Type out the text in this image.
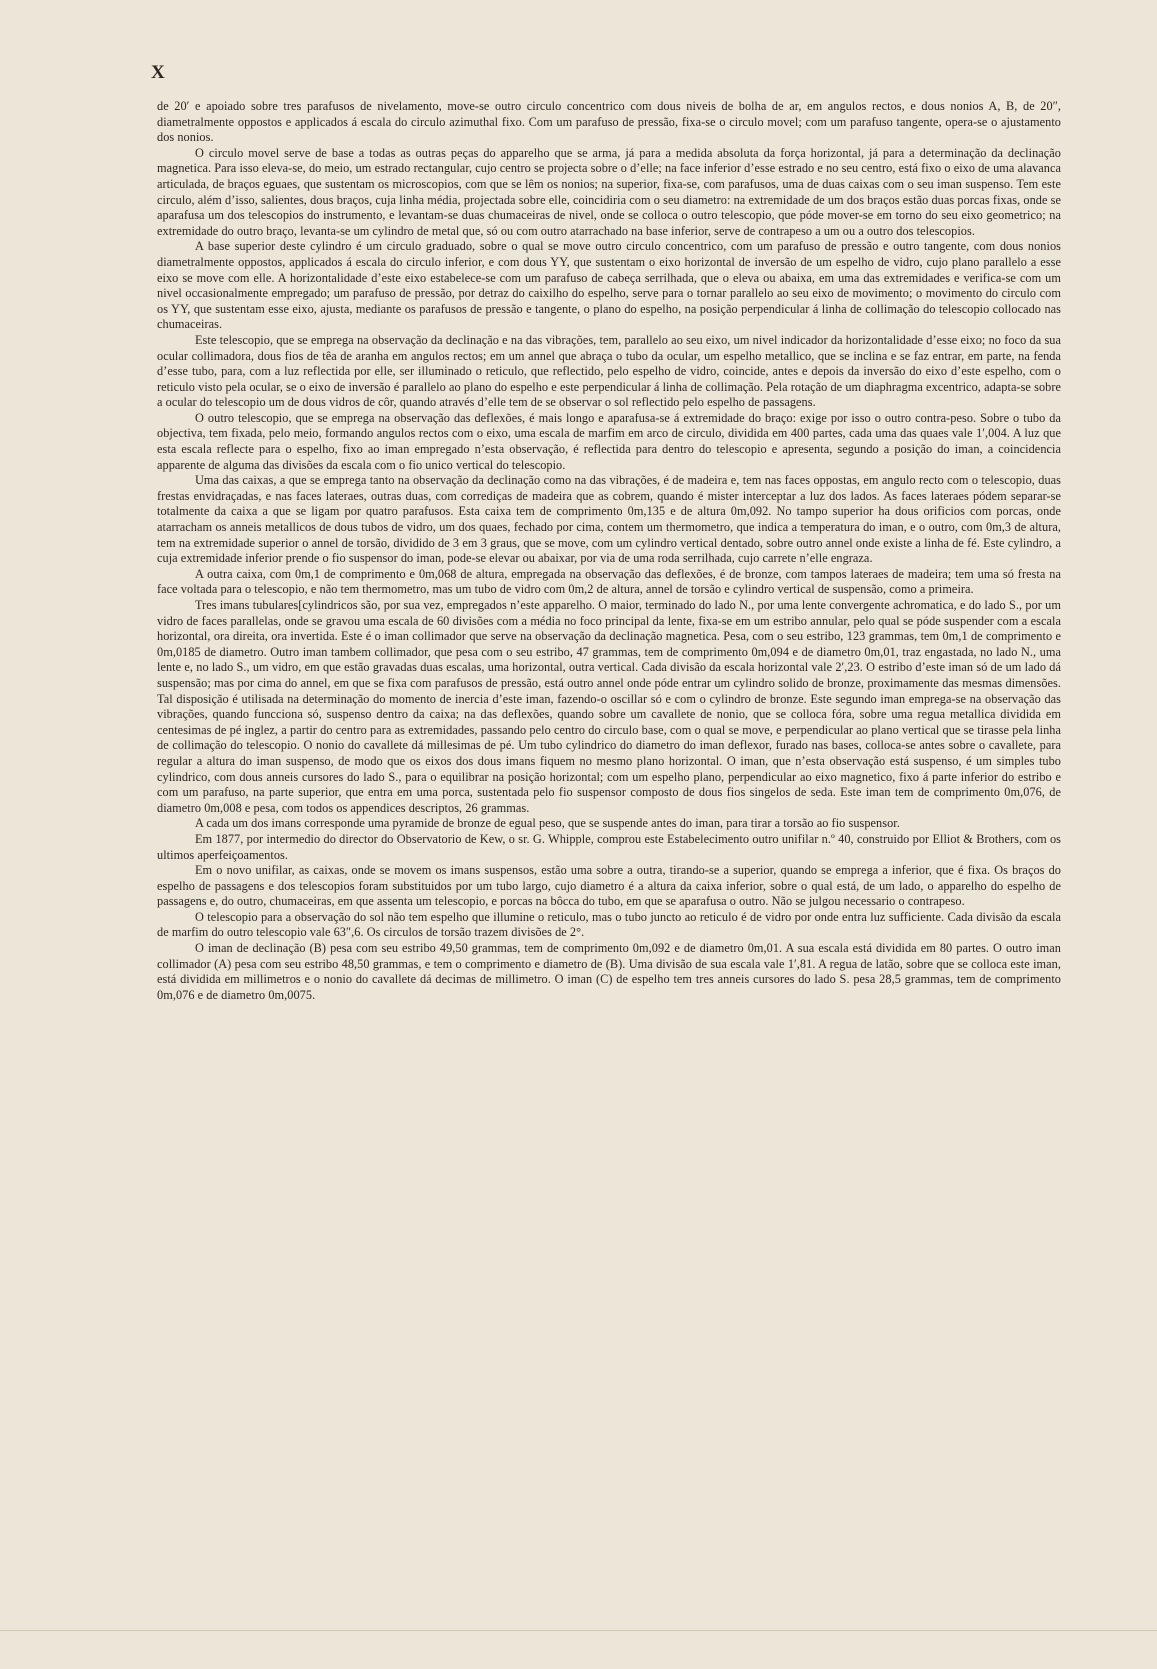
X

de 20′ e apoiado sobre tres parafusos de nivelamento, move-se outro circulo concentrico com dous niveis de bolha de ar, em angulos rectos, e dous nonios A, B, de 20″, diametralmente oppostos e applicados á escala do circulo azimuthal fixo. Com um parafuso de pressão, fixa-se o circulo movel; com um parafuso tangente, opera-se o ajustamento dos nonios.

O circulo movel serve de base a todas as outras peças do apparelho que se arma, já para a medida absoluta da força horizontal, já para a determinação da declinação magnetica. Para isso eleva-se, do meio, um estrado rectangular, cujo centro se projecta sobre o d’elle; na face inferior d’esse estrado e no seu centro, está fixo o eixo de uma alavanca articulada, de braços eguaes, que sustentam os microscopios, com que se lêm os nonios; na superior, fixa-se, com parafusos, uma de duas caixas com o seu iman suspenso. Tem este circulo, além d’isso, salientes, dous braços, cuja linha média, projectada sobre elle, coincidiria com o seu diametro: na extremidade de um dos braços estão duas porcas fixas, onde se aparafusa um dos telescopios do instrumento, e levantam-se duas chumaceiras de nivel, onde se colloca o outro telescopio, que póde mover-se em torno do seu eixo geometrico; na extremidade do outro braço, levanta-se um cylindro de metal que, só ou com outro atarrachado na base inferior, serve de contrapeso a um ou a outro dos telescopios.

A base superior deste cylindro é um circulo graduado, sobre o qual se move outro circulo concentrico, com um parafuso de pressão e outro tangente, com dous nonios diametralmente oppostos, applicados á escala do circulo inferior, e com dous YY, que sustentam o eixo horizontal de inversão de um espelho de vidro, cujo plano parallelo a esse eixo se move com elle. A horizontalidade d’este eixo estabelece-se com um parafuso de cabeça serrilhada, que o eleva ou abaixa, em uma das extremidades e verifica-se com um nivel occasionalmente empregado; um parafuso de pressão, por detraz do caixilho do espelho, serve para o tornar parallelo ao seu eixo de movimento; o movimento do circulo com os YY, que sustentam esse eixo, ajusta, mediante os parafusos de pressão e tangente, o plano do espelho, na posição perpendicular á linha de collimação do telescopio collocado nas chumaceiras.

Este telescopio, que se emprega na observação da declinação e na das vibrações, tem, parallelo ao seu eixo, um nivel indicador da horizontalidade d’esse eixo; no foco da sua ocular collimadora, dous fios de têa de aranha em angulos rectos; em um annel que abraça o tubo da ocular, um espelho metallico, que se inclina e se faz entrar, em parte, na fenda d’esse tubo, para, com a luz reflectida por elle, ser illuminado o reticulo, que reflectido, pelo espelho de vidro, coincide, antes e depois da inversão do eixo d’este espelho, com o reticulo visto pela ocular, se o eixo de inversão é parallelo ao plano do espelho e este perpendicular á linha de collimação. Pela rotação de um diaphragma excentrico, adapta-se sobre a ocular do telescopio um de dous vidros de côr, quando através d’elle tem de se observar o sol reflectido pelo espelho de passagens.

O outro telescopio, que se emprega na observação das deflexões, é mais longo e aparafusa-se á extremidade do braço: exige por isso o outro contra-peso. Sobre o tubo da objectiva, tem fixada, pelo meio, formando angulos rectos com o eixo, uma escala de marfim em arco de circulo, dividida em 400 partes, cada uma das quaes vale 1′,004. A luz que esta escala reflecte para o espelho, fixo ao iman empregado n’esta observação, é reflectida para dentro do telescopio e apresenta, segundo a posição do iman, a coincidencia apparente de alguma das divisões da escala com o fio unico vertical do telescopio.

Uma das caixas, a que se emprega tanto na observação da declinação como na das vibrações, é de madeira e, tem nas faces oppostas, em angulo recto com o telescopio, duas frestas envidraçadas, e nas faces lateraes, outras duas, com corrediças de madeira que as cobrem, quando é mister interceptar a luz dos lados. As faces lateraes pódem separar-se totalmente da caixa a que se ligam por quatro parafusos. Esta caixa tem de comprimento 0m,135 e de altura 0m,092. No tampo superior ha dous orificios com porcas, onde atarracham os anneis metallicos de dous tubos de vidro, um dos quaes, fechado por cima, contem um thermometro, que indica a temperatura do iman, e o outro, com 0m,3 de altura, tem na extremidade superior o annel de torsão, dividido de 3 em 3 graus, que se move, com um cylindro vertical dentado, sobre outro annel onde existe a linha de fé. Este cylindro, a cuja extremidade inferior prende o fio suspensor do iman, pode-se elevar ou abaixar, por via de uma roda serrilhada, cujo carrete n’elle engraza.

A outra caixa, com 0m,1 de comprimento e 0m,068 de altura, empregada na observação das deflexões, é de bronze, com tampos lateraes de madeira; tem uma só fresta na face voltada para o telescopio, e não tem thermometro, mas um tubo de vidro com 0m,2 de altura, annel de torsão e cylindro vertical de suspensão, como a primeira.

Tres imans tubulares[cylindricos são, por sua vez, empregados n’este apparelho. O maior, terminado do lado N., por uma lente convergente achromatica, e do lado S., por um vidro de faces parallelas, onde se gravou uma escala de 60 divisões com a média no foco principal da lente, fixa-se em um estribo annular, pelo qual se póde suspender com a escala horizontal, ora direita, ora invertida. Este é o iman collimador que serve na observação da declinação magnetica. Pesa, com o seu estribo, 123 grammas, tem 0m,1 de comprimento e 0m,0185 de diametro. Outro iman tambem collimador, que pesa com o seu estribo, 47 grammas, tem de comprimento 0m,094 e de diametro 0m,01, traz engastada, no lado N., uma lente e, no lado S., um vidro, em que estão gravadas duas escalas, uma horizontal, outra vertical. Cada divisão da escala horizontal vale 2′,23. O estribo d’este iman só de um lado dá suspensão; mas por cima do annel, em que se fixa com parafusos de pressão, está outro annel onde póde entrar um cylindro solido de bronze, proximamente das mesmas dimensões. Tal disposição é utilisada na determinação do momento de inercia d’este iman, fazendo-o oscillar só e com o cylindro de bronze. Este segundo iman emprega-se na observação das vibrações, quando funcciona só, suspenso dentro da caixa; na das deflexões, quando sobre um cavallete de nonio, que se colloca fóra, sobre uma regua metallica dividida em centesimas de pé inglez, a partir do centro para as extremidades, passando pelo centro do circulo base, com o qual se move, e perpendicular ao plano vertical que se tirasse pela linha de collimação do telescopio. O nonio do cavallete dá millesimas de pé. Um tubo cylindrico do diametro do iman deflexor, furado nas bases, colloca-se antes sobre o cavallete, para regular a altura do iman suspenso, de modo que os eixos dos dous imans fiquem no mesmo plano horizontal. O iman, que n’esta observação está suspenso, é um simples tubo cylindrico, com dous anneis cursores do lado S., para o equilibrar na posição horizontal; com um espelho plano, perpendicular ao eixo magnetico, fixo á parte inferior do estribo e com um parafuso, na parte superior, que entra em uma porca, sustentada pelo fio suspensor composto de dous fios singelos de seda. Este iman tem de comprimento 0m,076, de diametro 0m,008 e pesa, com todos os appendices descriptos, 26 grammas.

A cada um dos imans corresponde uma pyramide de bronze de egual peso, que se suspende antes do iman, para tirar a torsão ao fio suspensor.

Em 1877, por intermedio do director do Observatorio de Kew, o sr. G. Whipple, comprou este Estabelecimento outro unifilar n.º 40, construido por Elliot & Brothers, com os ultimos aperfeiçoamentos.

Em o novo unifilar, as caixas, onde se movem os imans suspensos, estão uma sobre a outra, tirando-se a superior, quando se emprega a inferior, que é fixa. Os braços do espelho de passagens e dos telescopios foram substituidos por um tubo largo, cujo diametro é a altura da caixa inferior, sobre o qual está, de um lado, o apparelho do espelho de passagens e, do outro, chumaceiras, em que assenta um telescopio, e porcas na bôcca do tubo, em que se aparafusa o outro. Não se julgou necessario o contrapeso.

O telescopio para a observação do sol não tem espelho que illumine o reticulo, mas o tubo juncto ao reticulo é de vidro por onde entra luz sufficiente. Cada divisão da escala de marfim do outro telescopio vale 63″,6. Os circulos de torsão trazem divisões de 2°.

O iman de declinação (B) pesa com seu estribo 49,50 grammas, tem de comprimento 0m,092 e de diametro 0m,01. A sua escala está dividida em 80 partes. O outro iman collimador (A) pesa com seu estribo 48,50 grammas, e tem o comprimento e diametro de (B). Uma divisão de sua escala vale 1′,81. A regua de latão, sobre que se colloca este iman, está dividida em millimetros e o nonio do cavallete dá decimas de millimetro. O iman (C) de espelho tem tres anneis cursores do lado S. pesa 28,5 grammas, tem de comprimento 0m,076 e de diametro 0m,0075.
